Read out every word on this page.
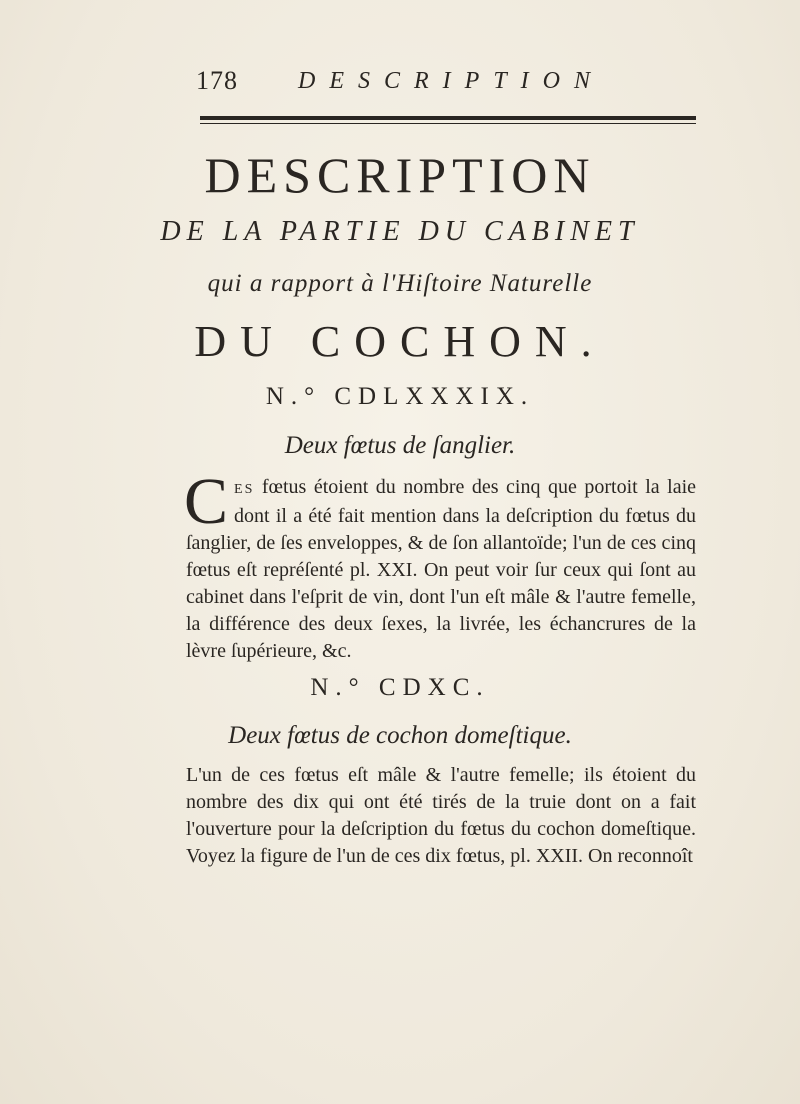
178	DESCRIPTION
DESCRIPTION
DE LA PARTIE DU CABINET
qui a rapport à l'Hiſtoire Naturelle
DU COCHON.
N.° CDLXXXIX.
Deux fœtus de ſanglier.
CES fœtus étoient du nombre des cinq que portoit la laie dont il a été fait mention dans la deſcription du fœtus du ſanglier, de ſes enveloppes, & de ſon allantoïde; l'un de ces cinq fœtus eſt repréſenté pl. XXI. On peut voir ſur ceux qui ſont au cabinet dans l'eſprit de vin, dont l'un eſt mâle & l'autre femelle, la différence des deux ſexes, la livrée, les échancrures de la lèvre ſupérieure, &c.
N.° CDXC.
Deux fœtus de cochon domeſtique.
L'un de ces fœtus eſt mâle & l'autre femelle; ils étoient du nombre des dix qui ont été tirés de la truie dont on a fait l'ouverture pour la deſcription du fœtus du cochon domeſtique. Voyez la figure de l'un de ces dix fœtus, pl. XXII. On reconnoît
